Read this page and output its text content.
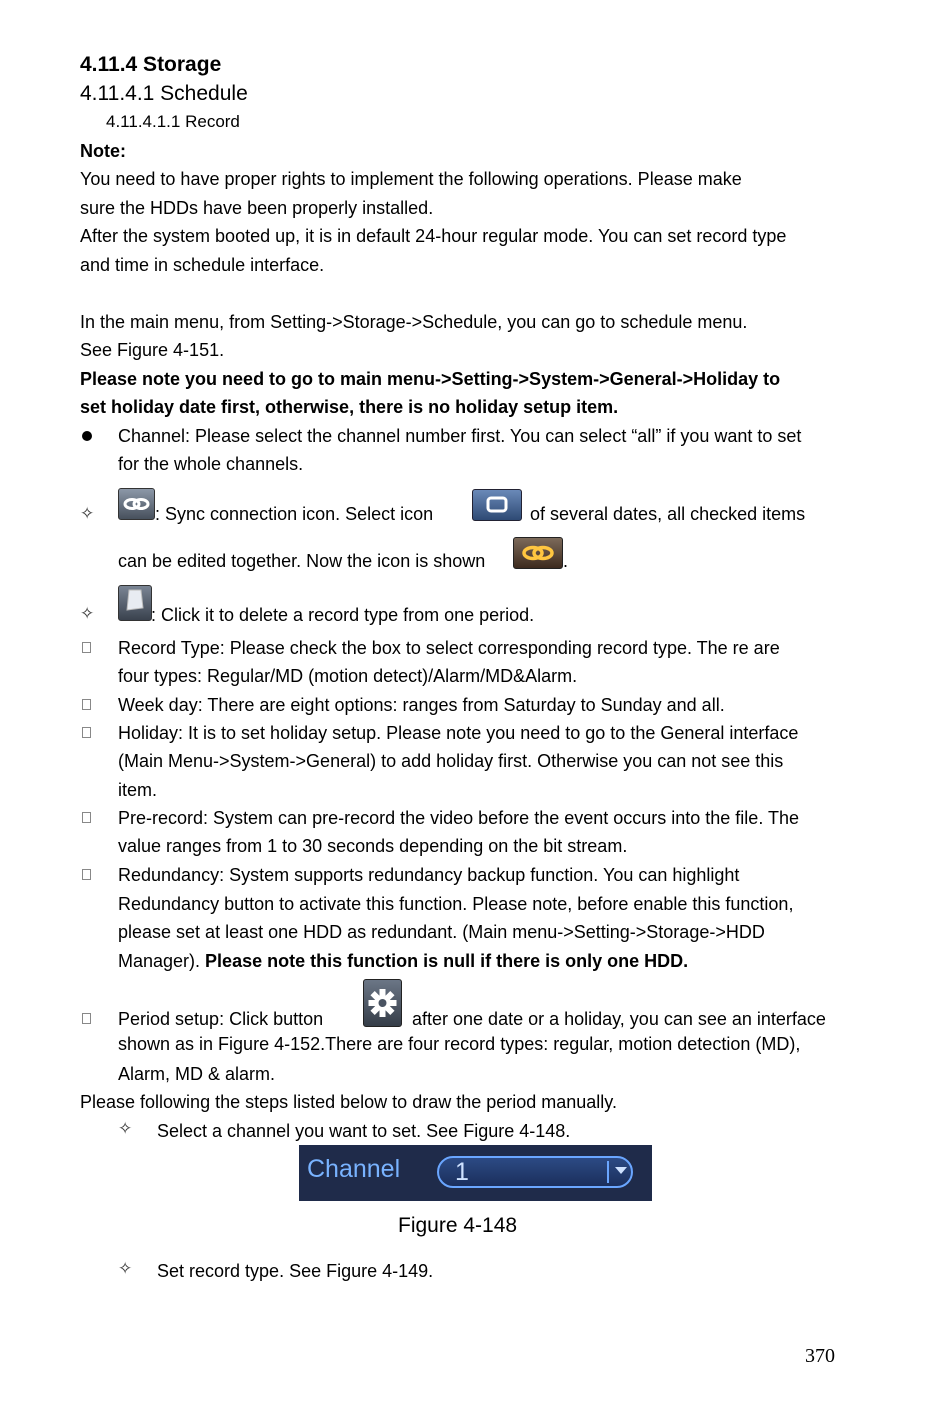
4.11.4 Storage
4.11.4.1 Schedule
4.11.4.1.1 Record
Note:
You need to have proper rights to implement the following operations. Please make
sure the HDDs have been properly installed.
After the system booted up, it is in default 24-hour regular mode. You can set record type
and time in schedule interface.
In the main menu, from Setting->Storage->Schedule, you can go to schedule menu.
See Figure 4-151.
Please note you need to go to main menu->Setting->System->General->Holiday to
set holiday date first, otherwise, there is no holiday setup item.
Channel: Please select the channel number first. You can select “all” if you want to set
for the whole channels.
✧	: Sync connection icon. Select icon	of several dates, all checked items
can be edited together. Now the icon is shown	.
✧	: Click it to delete a record type from one period.
Record Type: Please check the box to select corresponding record type. The re are
four types: Regular/MD (motion detect)/Alarm/MD&Alarm.
Week day: There are eight options: ranges from Saturday to Sunday and all.
Holiday: It is to set holiday setup. Please note you need to go to the General interface
(Main Menu->System->General) to add holiday first. Otherwise you can not see this
item.
Pre-record: System can pre-record the video before the event occurs into the file. The
value ranges from 1 to 30 seconds depending on the bit stream.
Redundancy: System supports redundancy backup function. You can highlight
Redundancy button to activate this function. Please note, before enable this function,
please set at least one HDD as redundant. (Main menu->Setting->Storage->HDD
Manager). Please note this function is null if there is only one HDD.
Period setup: Click button	after one date or a holiday, you can see an interface
shown as in Figure 4-152.There are four record types: regular, motion detection (MD),
Alarm, MD & alarm.
Please following the steps listed below to draw the period manually.
✧ Select a channel you want to set. See Figure 4-148.
Channel 1
Figure 4-148
✧ Set record type. See Figure 4-149.
370
